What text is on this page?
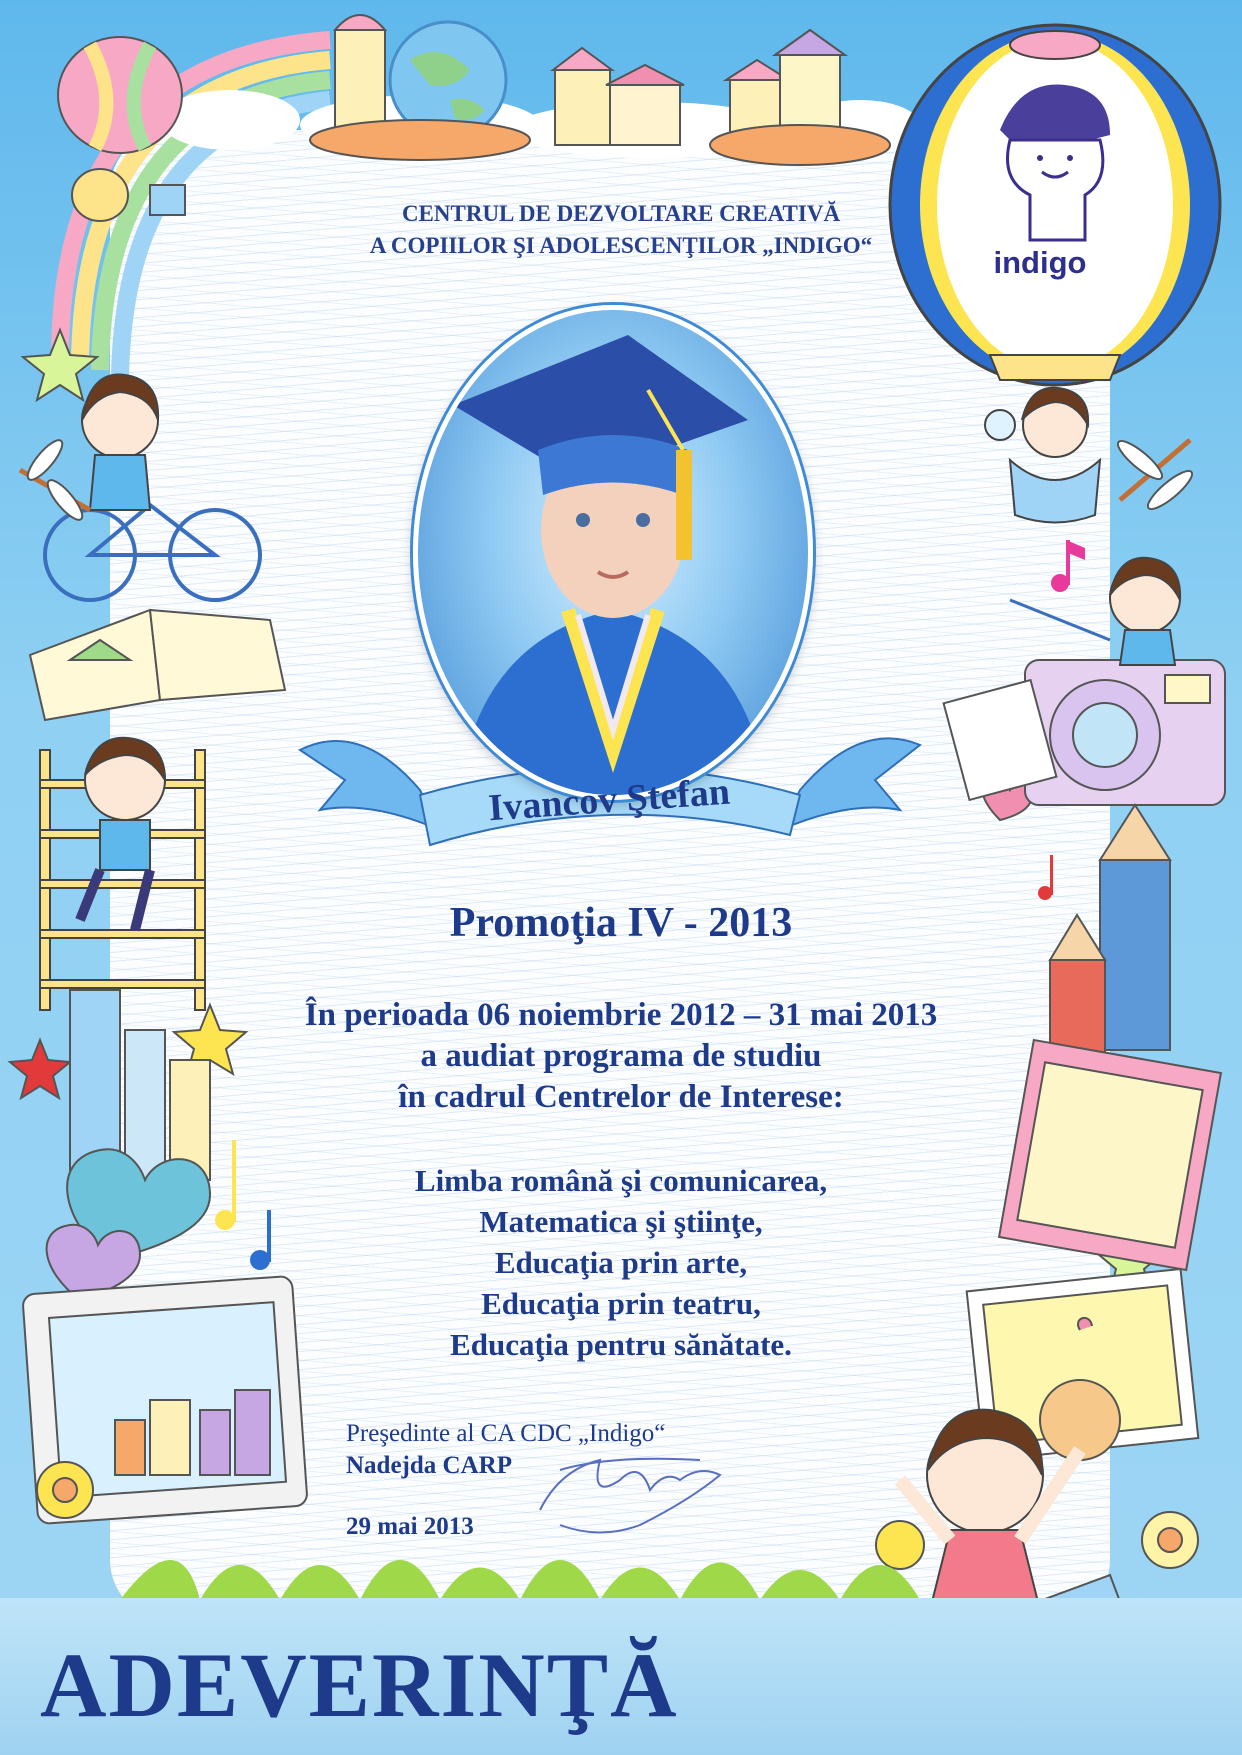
indigo
CENTRUL DE DEZVOLTARE CREATIVĂ
A COPIILOR ŞI ADOLESCENŢILOR „INDIGO“
Ivancov Ştefan
Promoţia IV - 2013
În perioada 06 noiembrie 2012 – 31 mai 2013
a audiat programa de studiu
în cadrul Centrelor de Interese:
Limba română şi comunicarea,
Matematica şi ştiinţe,
Educaţia prin arte,
Educaţia prin teatru,
Educaţia pentru sănătate.
Preşedinte al CA CDC „Indigo“
Nadejda CARP
29 mai 2013
ADEVERINŢĂ
